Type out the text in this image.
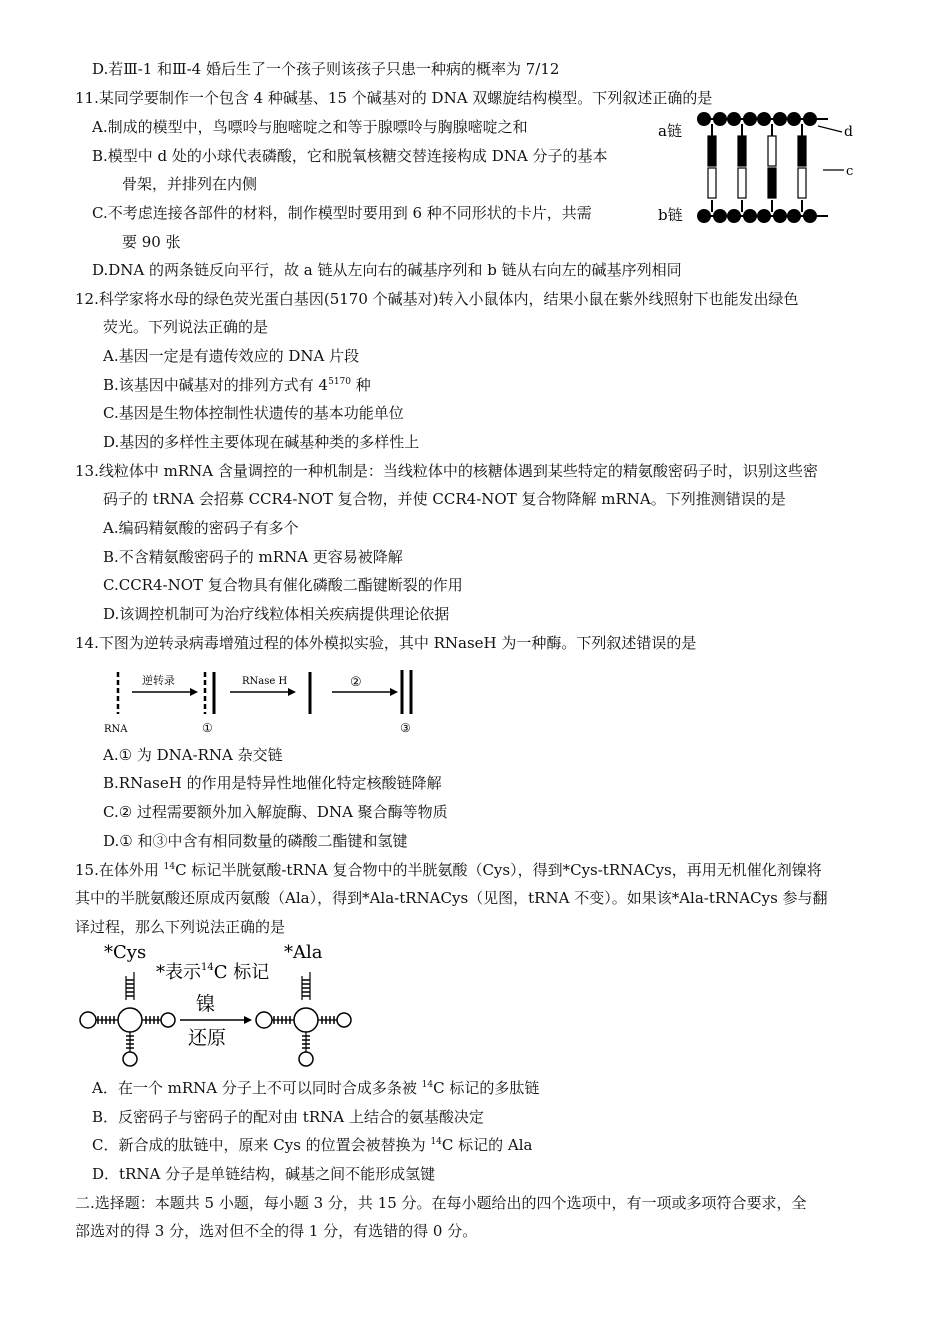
D.若Ⅲ-1 和Ⅲ-4 婚后生了一个孩子则该孩子只患一种病的概率为 7/12
11.某同学要制作一个包含 4 种碱基、15 个碱基对的 DNA 双螺旋结构模型。下列叙述正确的是
A.制成的模型中，鸟嘌呤与胞嘧啶之和等于腺嘌呤与胸腺嘧啶之和
B.模型中 d 处的小球代表磷酸，它和脱氧核糖交替连接构成 DNA 分子的基本
骨架，并排列在内侧
C.不考虑连接各部件的材料，制作模型时要用到 6 种不同形状的卡片，共需
要 90 张
D.DNA 的两条链反向平行，故 a 链从左向右的碱基序列和 b 链从右向左的碱基序列相同
12.科学家将水母的绿色荧光蛋白基因(5170 个碱基对)转入小鼠体内，结果小鼠在紫外线照射下也能发出绿色
荧光。下列说法正确的是
A.基因一定是有遗传效应的 DNA 片段
B.该基因中碱基对的排列方式有 $4^{5170}$ 种
C.基因是生物体控制性状遗传的基本功能单位
D.基因的多样性主要体现在碱基种类的多样性上
13.线粒体中 mRNA 含量调控的一种机制是：当线粒体中的核糖体遇到某些特定的精氨酸密码子时，识别这些密
码子的 tRNA 会招募 CCR4-NOT 复合物，并使 CCR4-NOT 复合物降解 mRNA。下列推测错误的是
A.编码精氨酸的密码子有多个
B.不含精氨酸密码子的 mRNA 更容易被降解
C.CCR4-NOT 复合物具有催化磷酸二酯键断裂的作用
D.该调控机制可为治疗线粒体相关疾病提供理论依据
14.下图为逆转录病毒增殖过程的体外模拟实验，其中 RNaseH 为一种酶。下列叙述错误的是
A.① 为 DNA-RNA 杂交链
B.RNaseH 的作用是特异性地催化特定核酸链降解
C.② 过程需要额外加入解旋酶、DNA 聚合酶等物质
D.① 和③中含有相同数量的磷酸二酯键和氢键
15.在体外用 $^{14}$C 标记半胱氨酸-tRNA 复合物中的半胱氨酸（Cys），得到*Cys-tRNACys，再用无机催化剂镍将
其中的半胱氨酸还原成丙氨酸（Ala），得到*Ala-tRNACys（见图，tRNA 不变）。如果该*Ala-tRNACys 参与翻
译过程，那么下列说法正确的是
A．在一个 mRNA 分子上不可以同时合成多条被 $^{14}$C 标记的多肽链
B．反密码子与密码子的配对由 tRNA 上结合的氨基酸决定
C．新合成的肽链中，原来 Cys 的位置会被替换为 $^{14}$C 标记的 Ala
D．tRNA 分子是单链结构，碱基之间不能形成氢键
二.选择题：本题共 5 小题，每小题 3 分，共 15 分。在每小题给出的四个选项中，有一项或多项符合要求，全
部选对的得 3 分，选对但不全的得 1 分，有选错的得 0 分。
a链
b链
d
c
RNA
逆转录
①
RNase H	②
③
*Cys	*Ala
*表示$^{14}$C 标记
镍
还原
